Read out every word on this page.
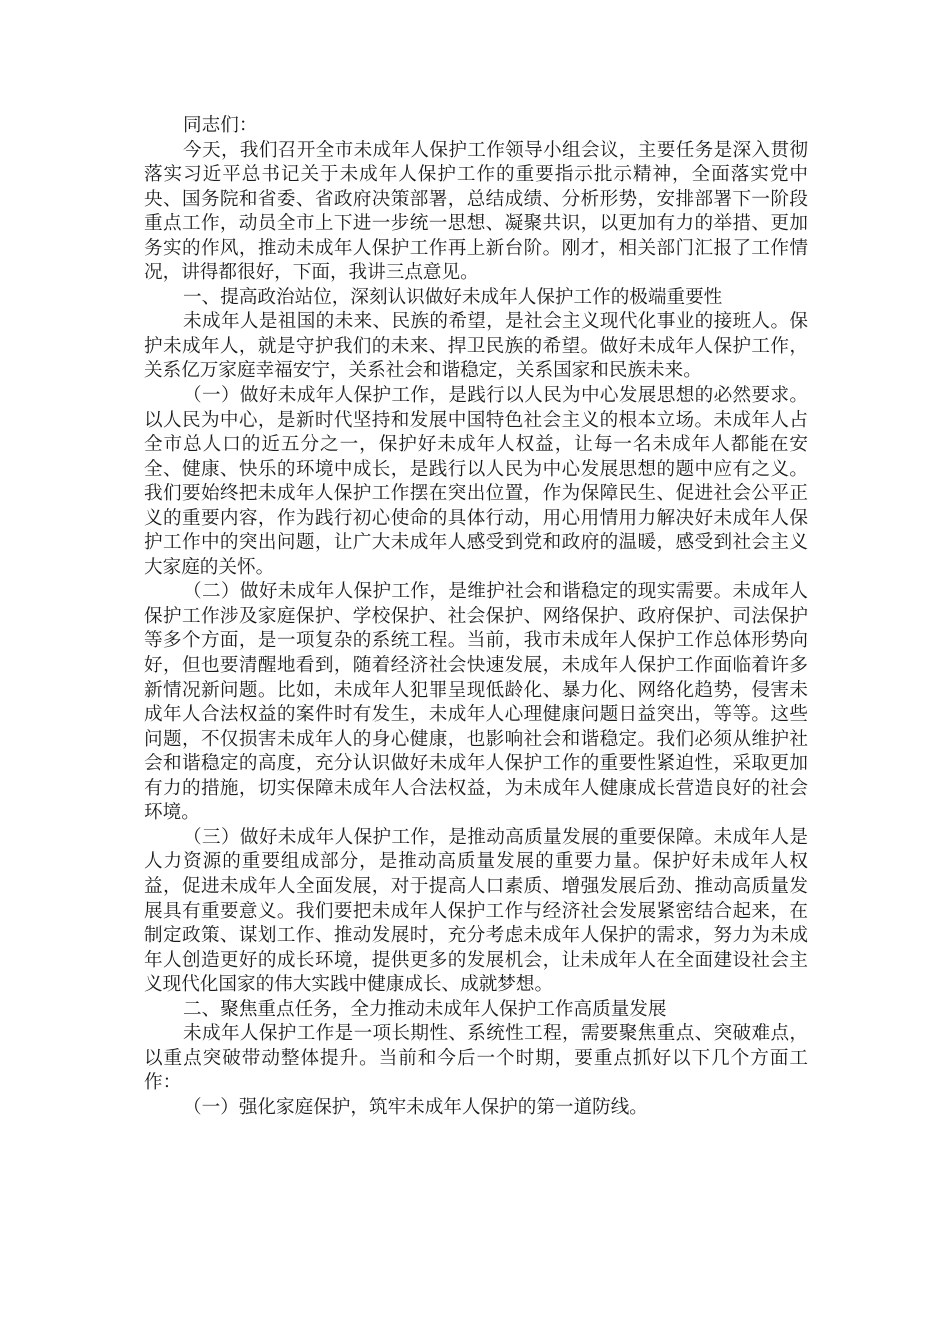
同志们：

今天，我们召开全市未成年人保护工作领导小组会议，主要任务是深入贯彻落实习近平总书记关于未成年人保护工作的重要指示批示精神，全面落实党中央、国务院和省委、省政府决策部署，总结成绩、分析形势，安排部署下一阶段重点工作，动员全市上下进一步统一思想、凝聚共识，以更加有力的举措、更加务实的作风，推动未成年人保护工作再上新台阶。刚才，相关部门汇报了工作情况，讲得都很好，下面，我讲三点意见。

一、提高政治站位，深刻认识做好未成年人保护工作的极端重要性

未成年人是祖国的未来、民族的希望，是社会主义现代化事业的接班人。保护未成年人，就是守护我们的未来、捍卫民族的希望。做好未成年人保护工作，关系亿万家庭幸福安宁，关系社会和谐稳定，关系国家和民族未来。

（一）做好未成年人保护工作，是践行以人民为中心发展思想的必然要求。以人民为中心，是新时代坚持和发展中国特色社会主义的根本立场。未成年人占全市总人口的近五分之一，保护好未成年人权益，让每一名未成年人都能在安全、健康、快乐的环境中成长，是践行以人民为中心发展思想的题中应有之义。我们要始终把未成年人保护工作摆在突出位置，作为保障民生、促进社会公平正义的重要内容，作为践行初心使命的具体行动，用心用情用力解决好未成年人保护工作中的突出问题，让广大未成年人感受到党和政府的温暖，感受到社会主义大家庭的关怀。

（二）做好未成年人保护工作，是维护社会和谐稳定的现实需要。未成年人保护工作涉及家庭保护、学校保护、社会保护、网络保护、政府保护、司法保护等多个方面，是一项复杂的系统工程。当前，我市未成年人保护工作总体形势向好，但也要清醒地看到，随着经济社会快速发展，未成年人保护工作面临着许多新情况新问题。比如，未成年人犯罪呈现低龄化、暴力化、网络化趋势，侵害未成年人合法权益的案件时有发生，未成年人心理健康问题日益突出，等等。这些问题，不仅损害未成年人的身心健康，也影响社会和谐稳定。我们必须从维护社会和谐稳定的高度，充分认识做好未成年人保护工作的重要性紧迫性，采取更加有力的措施，切实保障未成年人合法权益，为未成年人健康成长营造良好的社会环境。

（三）做好未成年人保护工作，是推动高质量发展的重要保障。未成年人是人力资源的重要组成部分，是推动高质量发展的重要力量。保护好未成年人权益，促进未成年人全面发展，对于提高人口素质、增强发展后劲、推动高质量发展具有重要意义。我们要把未成年人保护工作与经济社会发展紧密结合起来，在制定政策、谋划工作、推动发展时，充分考虑未成年人保护的需求，努力为未成年人创造更好的成长环境，提供更多的发展机会，让未成年人在全面建设社会主义现代化国家的伟大实践中健康成长、成就梦想。

二、聚焦重点任务，全力推动未成年人保护工作高质量发展

未成年人保护工作是一项长期性、系统性工程，需要聚焦重点、突破难点，以重点突破带动整体提升。当前和今后一个时期，要重点抓好以下几个方面工作：

（一）强化家庭保护，筑牢未成年人保护的第一道防线。
